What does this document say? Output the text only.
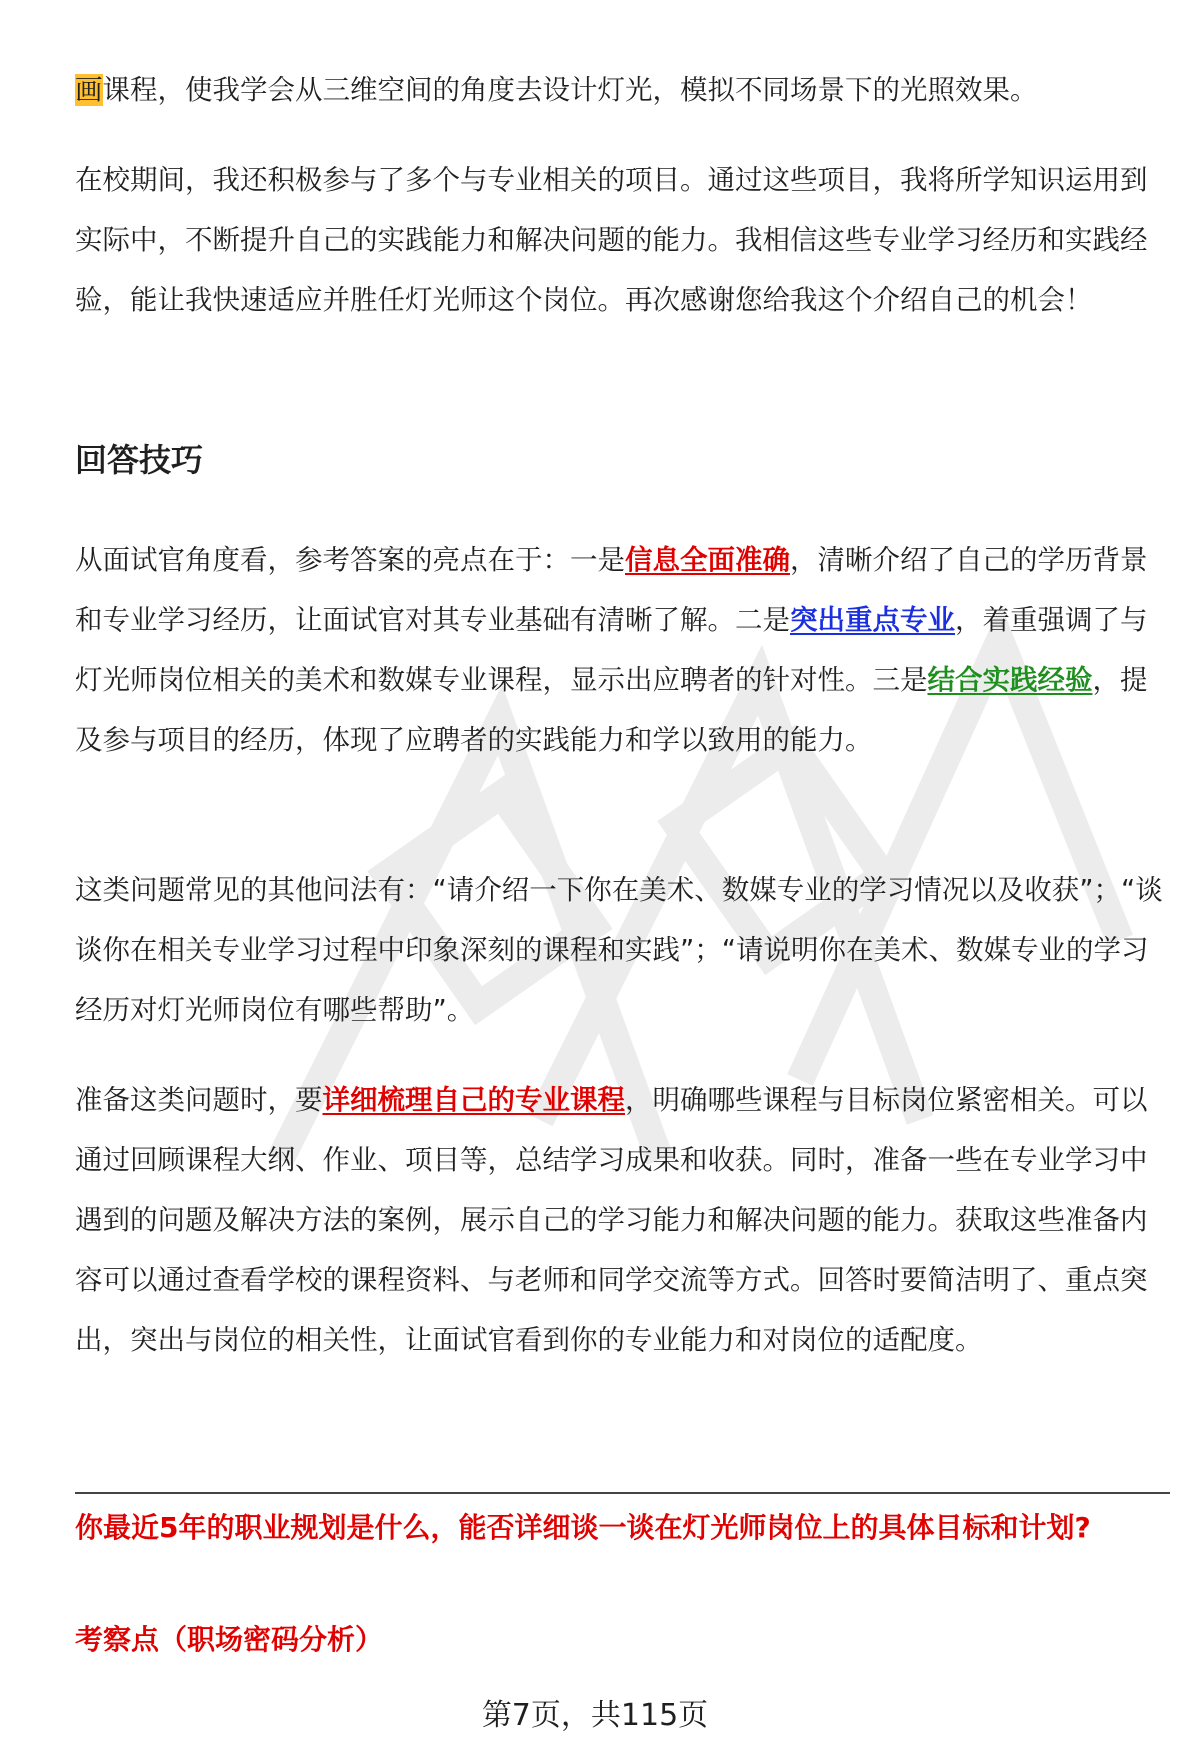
画课程，使我学会从三维空间的角度去设计灯光，模拟不同场景下的光照效果。

在校期间，我还积极参与了多个与专业相关的项目。通过这些项目，我将所学知识运用到实际中，不断提升自己的实践能力和解决问题的能力。我相信这些专业学习经历和实践经验，能让我快速适应并胜任灯光师这个岗位。再次感谢您给我这个介绍自己的机会！

回答技巧

从面试官角度看，参考答案的亮点在于：一是信息全面准确，清晰介绍了自己的学历背景和专业学习经历，让面试官对其专业基础有清晰了解。二是突出重点专业，着重强调了与灯光师岗位相关的美术和数媒专业课程，显示出应聘者的针对性。三是结合实践经验，提及参与项目的经历，体现了应聘者的实践能力和学以致用的能力。

这类问题常见的其他问法有：“请介绍一下你在美术、数媒专业的学习情况以及收获”；“谈谈你在相关专业学习过程中印象深刻的课程和实践”；“请说明你在美术、数媒专业的学习经历对灯光师岗位有哪些帮助”。

准备这类问题时，要详细梳理自己的专业课程，明确哪些课程与目标岗位紧密相关。可以通过回顾课程大纲、作业、项目等，总结学习成果和收获。同时，准备一些在专业学习中遇到的问题及解决方法的案例，展示自己的学习能力和解决问题的能力。获取这些准备内容可以通过查看学校的课程资料、与老师和同学交流等方式。回答时要简洁明了、重点突出，突出与岗位的相关性，让面试官看到你的专业能力和对岗位的适配度。

你最近5年的职业规划是什么，能否详细谈一谈在灯光师岗位上的具体目标和计划?

考察点（职场密码分析）

第7页，共115页
